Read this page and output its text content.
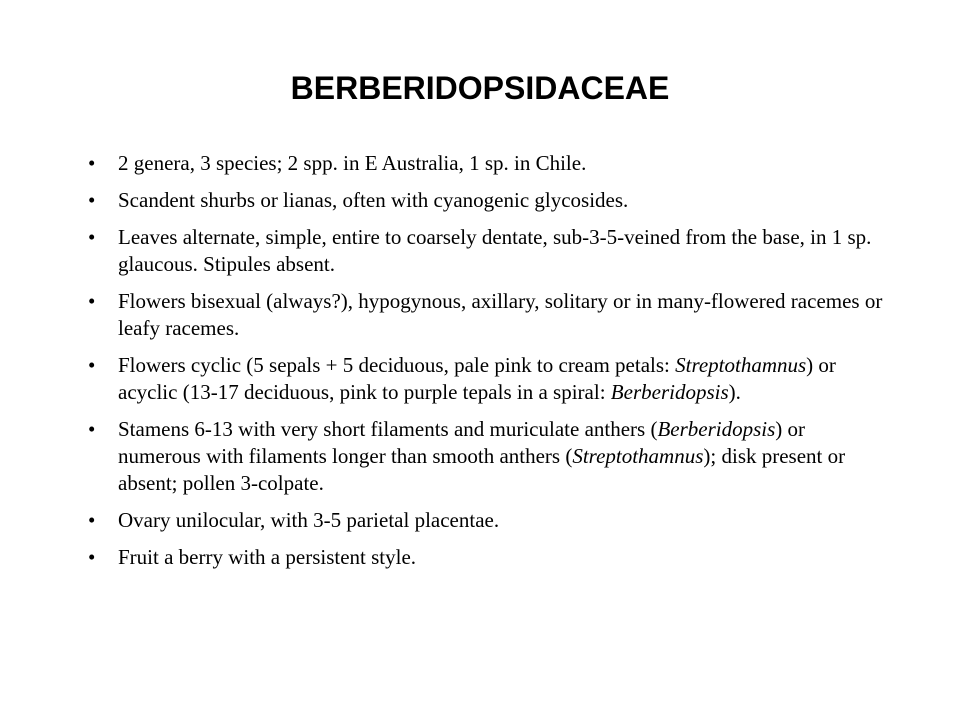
BERBERIDOPSIDACEAE
•
2 genera, 3 species; 2 spp. in E Australia, 1 sp. in Chile.
•
Scandent shurbs or lianas, often with cyanogenic glycosides.
•
Leaves alternate, simple, entire to coarsely dentate, sub-3-5-veined from the base, in 1 sp. glaucous. Stipules absent.
•
Flowers bisexual (always?), hypogynous, axillary, solitary or in many-flowered racemes or leafy racemes.
•
Flowers cyclic (5 sepals + 5 deciduous, pale pink to cream petals: Streptothamnus) or acyclic (13-17 deciduous, pink to purple tepals in a spiral: Berberidopsis).
•
Stamens 6-13 with very short filaments and muriculate anthers (Berberidopsis) or numerous with filaments longer than smooth anthers (Streptothamnus); disk present or absent; pollen 3-colpate.
•
Ovary unilocular, with 3-5 parietal placentae.
•
Fruit a berry with a persistent style.
